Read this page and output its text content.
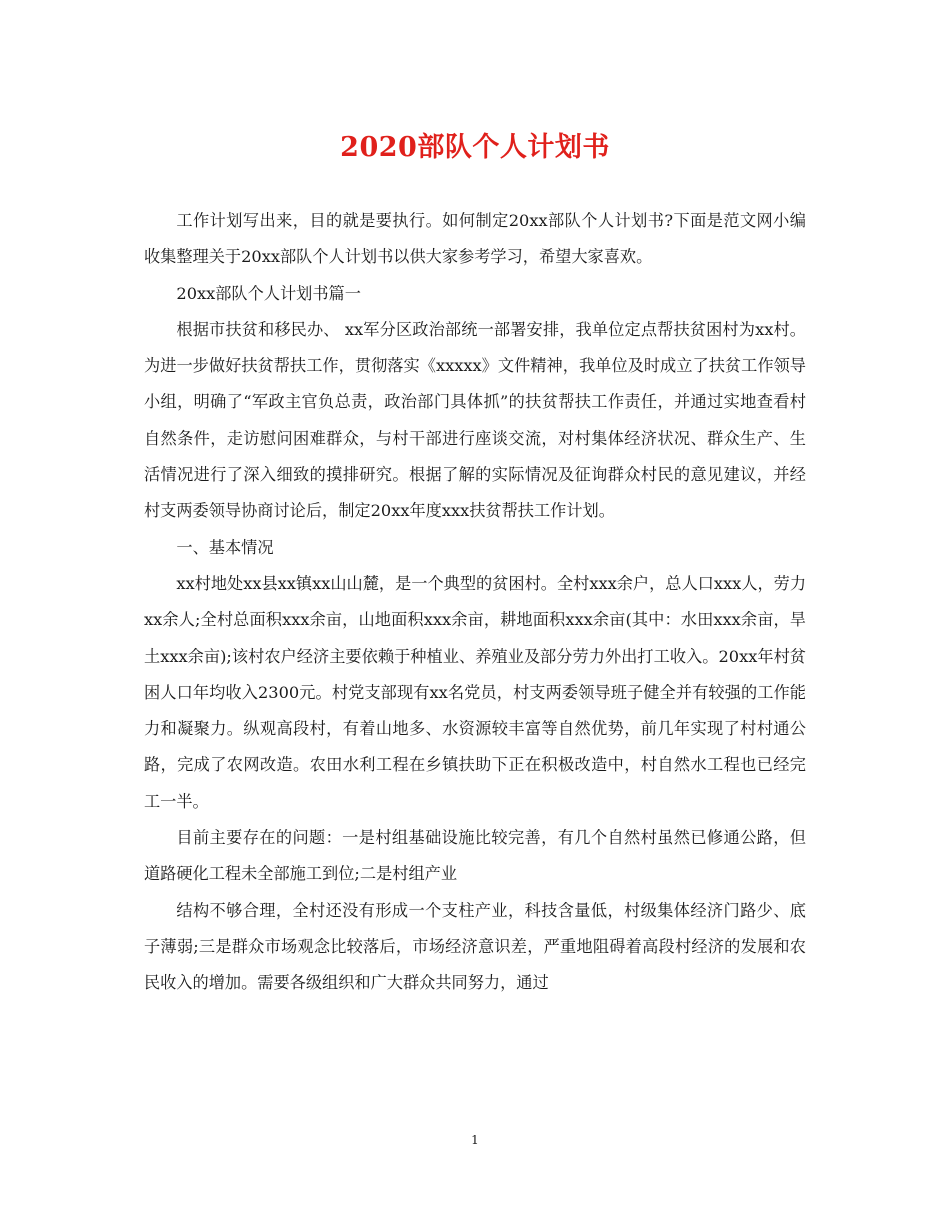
2020部队个人计划书

工作计划写出来，目的就是要执行。如何制定20xx部队个人计划书?下面是范文网小编收集整理关于20xx部队个人计划书以供大家参考学习，希望大家喜欢。

20xx部队个人计划书篇一

根据市扶贫和移民办、 xx军分区政治部统一部署安排，我单位定点帮扶贫困村为xx村。为进一步做好扶贫帮扶工作，贯彻落实《xxxxx》文件精神，我单位及时成立了扶贫工作领导小组，明确了“军政主官负总责，政治部门具体抓”的扶贫帮扶工作责任，并通过实地查看村自然条件，走访慰问困难群众，与村干部进行座谈交流，对村集体经济状况、群众生产、生活情况进行了深入细致的摸排研究。根据了解的实际情况及征询群众村民的意见建议，并经村支两委领导协商讨论后，制定20xx年度xxx扶贫帮扶工作计划。

一、基本情况

xx村地处xx县xx镇xx山山麓，是一个典型的贫困村。全村xxx余户，总人口xxx人，劳力xx余人;全村总面积xxx余亩，山地面积xxx余亩，耕地面积xxx余亩(其中：水田xxx余亩，旱土xxx余亩);该村农户经济主要依赖于种植业、养殖业及部分劳力外出打工收入。20xx年村贫困人口年均收入2300元。村党支部现有xx名党员，村支两委领导班子健全并有较强的工作能力和凝聚力。纵观高段村，有着山地多、水资源较丰富等自然优势，前几年实现了村村通公路，完成了农网改造。农田水利工程在乡镇扶助下正在积极改造中，村自然水工程也已经完工一半。

目前主要存在的问题：一是村组基础设施比较完善，有几个自然村虽然已修通公路，但道路硬化工程未全部施工到位;二是村组产业

结构不够合理，全村还没有形成一个支柱产业，科技含量低，村级集体经济门路少、底子薄弱;三是群众市场观念比较落后，市场经济意识差，严重地阻碍着高段村经济的发展和农民收入的增加。需要各级组织和广大群众共同努力，通过

1
